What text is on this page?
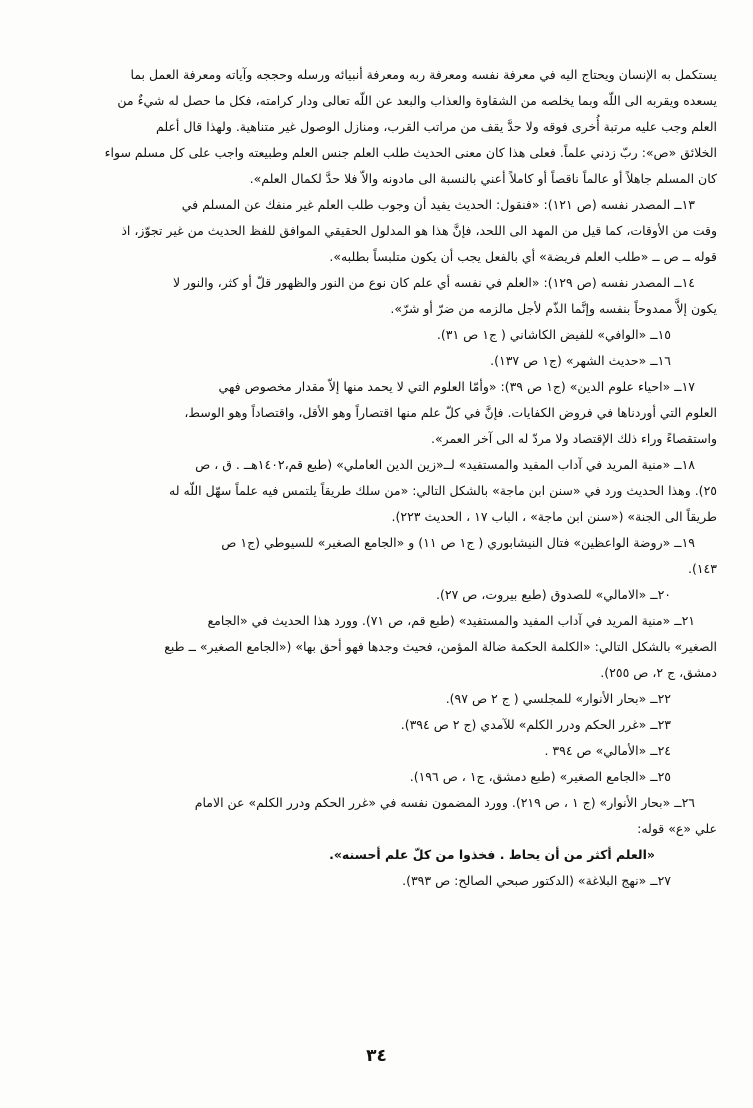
يستكمل به الإنسان ويحتاج اليه في معرفة نفسه ومعرفة ربه ومعرفة أنبيائه ورسله وحججه وآياته ومعرفة العمل بما

يسعده ويقربه الى اللّه وبما يخلصه من الشقاوة والعذاب والبعد عن اللّه تعالى ودار كرامته، فكل ما حصل له شيءٌ من

العلم وجب عليه مرتبة أُخرى فوقه ولا حدَّ يقف من مراتب القرب، ومنازل الوصول غير متناهية. ولهذا قال أعلم

الخلائق «ص»: ربّ زدني علماً. فعلى هذا كان معنى الحديث طلب العلم جنس العلم وطبيعته واجب على كل مسلم سواء

كان المسلم جاهلاً أو عالماً ناقصاً أو كاملاً أعني بالنسبة الى مادونه والاّ فلا حدَّ لكمال العلم».

١٣ــ المصدر نفسه (ص ١٢١): «فنقول: الحديث يفيد أن وجوب طلب العلم غير منفك عن المسلم في

وقت من الأوقات، كما قيل من المهد الى اللحد، فإنَّ هذا هو المدلول الحقيقي الموافق للفظ الحديث من غير تجوّز، اذ

قوله ــ ص ــ «طلب العلم فريضة» أي بالفعل يجب أن يكون متلبساً بطلبه».

١٤ــ المصدر نفسه (ص ١٢٩): «العلم في نفسه أي علم كان نوع من النور والظهور قلّ أو كثر، والنور لا

يكون إلاَّ ممدوحاً بنفسه وإنَّما الذّم لأجل مالزمه من ضرّ أو شرّ».

١٥ــ «الوافي» للفيض الكاشاني ( ج١ ص ٣١).

١٦ــ «حديث الشهر» (ج١ ص ١٣٧).

١٧ــ «احياء علوم الدين» (ج١ ص ٣٩): «وأمّا العلوم التي لا يحمد منها إلاّ مقدار مخصوص فهي

العلوم التي أوردناها في فروض الكفايات. فإنَّ في كلّ علم منها اقتصاراً وهو الأقل، واقتصاداً وهو الوسط،

واستقصاءً وراء ذلك الإقتصاد ولا مردّ له الى آخر العمر».

١٨ــ «منية المريد في آداب المفيد والمستفيد» لــ«زين الدين العاملي» (طبع قم،١٤٠٢هــ . ق ، ص

٢٥). وهذا الحديث ورد في «سنن ابن ماجة» بالشكل التالي: «من سلك طريقاً يلتمس فيه علماً سهّل اللّه له

طريقاً الى الجنة» («سنن ابن ماجة» ، الباب ١٧ ، الحديث ٢٢٣).

١٩ــ «روضة الواعظين» فتال النيشابوري ( ج١ ص ١١) و «الجامع الصغير» للسيوطي (ج١ ص

١٤٣).

٢٠ــ «الامالي» للصدوق (طبع بيروت، ص ٢٧).

٢١ــ «منية المريد في آداب المفيد والمستفيد» (طبع قم، ص ٧١). وورد هذا الحديث في «الجامع

الصغير» بالشكل التالي: «الكلمة الحكمة ضالة المؤمن، فحيث وجدها فهو أحق بها» («الجامع الصغير» ــ طبع

دمشق، ج ٢، ص ٢٥٥).

٢٢ــ «بحار الأنوار» للمجلسي ( ج ٢ ص ٩٧).

٢٣ــ «غرر الحكم ودرر الكلم» للآمدي (ج ٢ ص ٣٩٤).

٢٤ــ «الأمالي» ص ٣٩٤ .

٢٥ــ «الجامع الصغير» (طبع دمشق، ج١ ، ص ١٩٦).

٢٦ــ «بحار الأنوار» (ج ١ ، ص ٢١٩). وورد المضمون نفسه في «غرر الحكم ودرر الكلم» عن الامام

علي «ع» قوله:

«العلم أكثر من أن يحاط . فخذوا من كلّ علم أحسنه».

٢٧ــ «نهج البلاغة» (الدكتور صبحي الصالح: ص ٣٩٣).

٣٤
